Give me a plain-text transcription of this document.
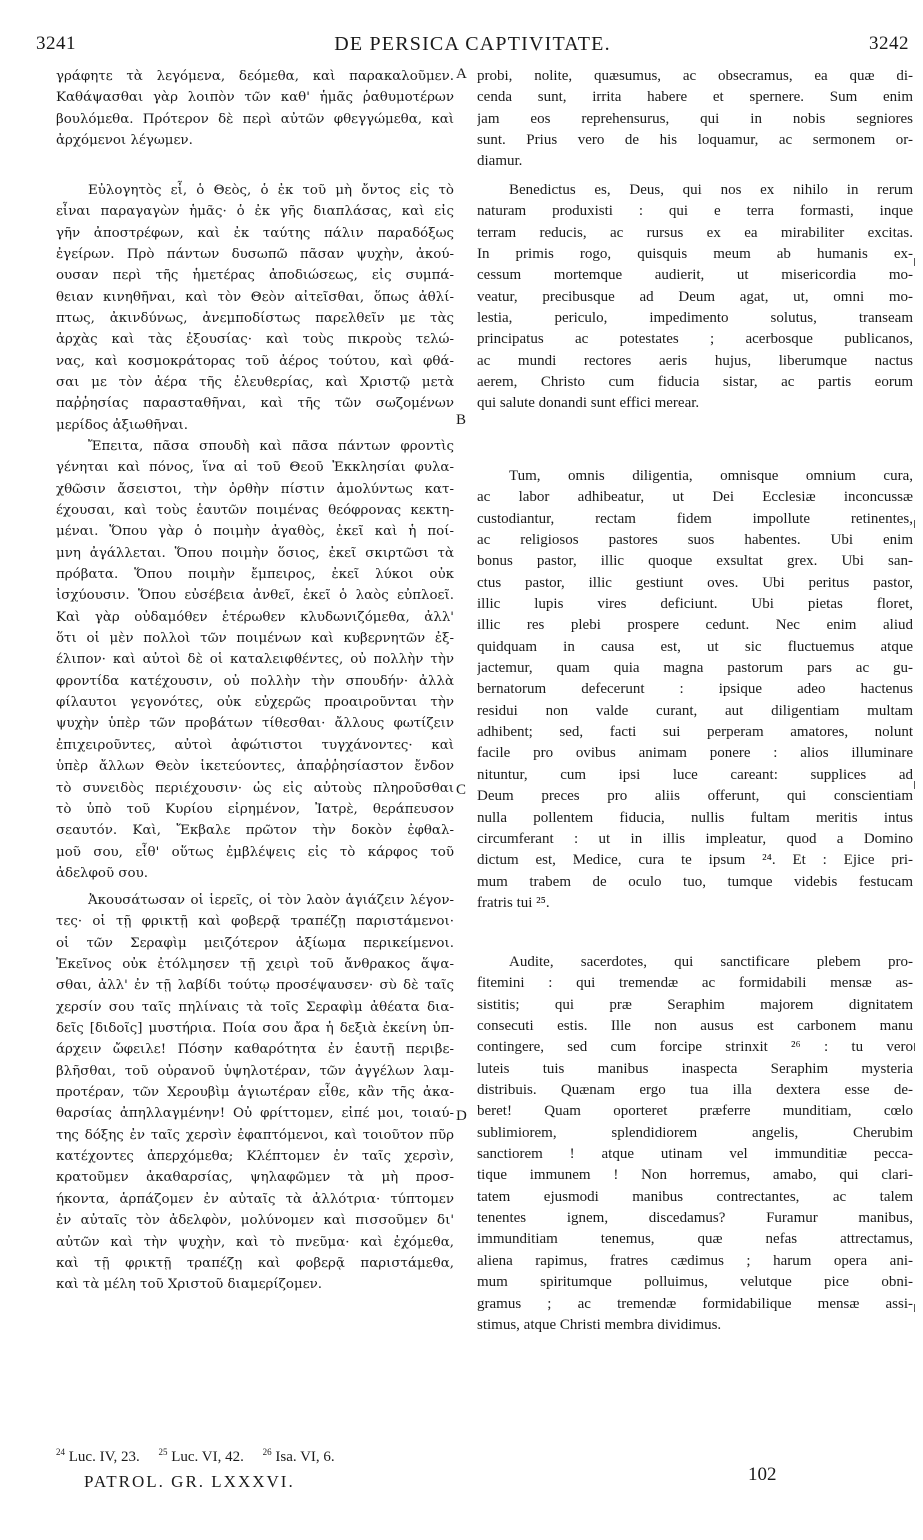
3241	DE PERSICA CAPTIVITATE.	3242
γράφητε τὰ λεγόμενα, δεόμεθα, καὶ παρακαλοῦμεν.
Καθάψασθαι γὰρ λοιπὸν τῶν καθ' ἡμᾶς ῥαθυμοτέρων
βουλόμεθα. Πρότερον δὲ περὶ αὐτῶν φθεγγώμεθα, καὶ
ἀρχόμενοι λέγωμεν.
Εὐλογητὸς εἶ, ὁ Θεὸς, ὁ ἐκ τοῦ μὴ ὄντος εἰς τὸ
εἶναι παραγαγὼν ἡμᾶς· ὁ ἐκ γῆς διαπλάσας, καὶ εἰς
γῆν ἀποστρέφων, καὶ ἐκ ταύτης πάλιν παραδόξως
ἐγείρων. Πρὸ πάντων δυσωπῶ πᾶσαν ψυχὴν, ἀκού-
ουσαν περὶ τῆς ἡμετέρας ἀποδιώσεως, εἰς συμπά-
θειαν κινηθῆναι, καὶ τὸν Θεὸν αἰτεῖσθαι, ὅπως ἀθλί-
πτως, ἀκινδύνως, ἀνεμποδίστως παρελθεῖν με τὰς
ἀρχὰς καὶ τὰς ἐξουσίας· καὶ τοὺς πικροὺς τελώ-
νας, καὶ κοσμοκράτορας τοῦ ἀέρος τούτου, καὶ φθά-
σαι με τὸν ἀέρα τῆς ἐλευθερίας, καὶ Χριστῷ μετὰ
παῤῥησίας παρασταθῆναι, καὶ τῆς τῶν σωζομένων
μερίδος ἀξιωθῆναι.
Ἔπειτα, πᾶσα σπουδὴ καὶ πᾶσα πάντων φροντὶς
γένηται καὶ πόνος, ἵνα αἱ τοῦ Θεοῦ Ἐκκλησίαι φυλα-
χθῶσιν ἄσειστοι, τὴν ὀρθὴν πίστιν ἀμολύντως κατ-
έχουσαι, καὶ τοὺς ἑαυτῶν ποιμένας θεόφρονας κεκτη-
μέναι. Ὅπου γὰρ ὁ ποιμὴν ἀγαθὸς, ἐκεῖ καὶ ἡ ποί-
μνη ἀγάλλεται. Ὅπου ποιμὴν ὅσιος, ἐκεῖ σκιρτῶσι τὰ
πρόβατα. Ὅπου ποιμὴν ἔμπειρος, ἐκεῖ λύκοι οὐκ
ἰσχύουσιν. Ὅπου εὐσέβεια ἀνθεῖ, ἐκεῖ ὁ λαὸς εὐπλοεῖ.
Καὶ γὰρ οὐδαμόθεν ἑτέρωθεν κλυδωνιζόμεθα, ἀλλ'
ὅτι οἱ μὲν πολλοὶ τῶν ποιμένων καὶ κυβερνητῶν ἐξ-
έλιπον· καὶ αὐτοὶ δὲ οἱ καταλειφθέντες, οὐ πολλὴν τὴν
φροντίδα κατέχουσιν, οὐ πολλὴν τὴν σπουδήν· ἀλλὰ
φίλαυτοι γεγονότες, οὐκ εὐχερῶς προαιροῦνται τὴν
ψυχὴν ὑπὲρ τῶν προβάτων τίθεσθαι· ἄλλους φωτίζειν
ἐπιχειροῦντες, αὐτοὶ ἀφώτιστοι τυγχάνοντες· καὶ
ὑπὲρ ἄλλων Θεὸν ἱκετεύοντες, ἀπαῤῥησίαστον ἔνδον
τὸ συνειδὸς περιέχουσιν· ὡς εἰς αὐτοὺς πληροῦσθαι
τὸ ὑπὸ τοῦ Κυρίου εἰρημένον, Ἰατρὲ, θεράπευσον
σεαυτόν. Καὶ, Ἔκβαλε πρῶτον τὴν δοκὸν ἐφθαλ-
μοῦ σου, εἶθ' οὕτως ἐμβλέψεις εἰς τὸ κάρφος τοῦ
ἀδελφοῦ σου.
Ἀκουσάτωσαν οἱ ἱερεῖς, οἱ τὸν λαὸν ἁγιάζειν λέγον-
τες· οἱ τῇ φρικτῇ καὶ φοβερᾷ τραπέζῃ παριστάμενοι·
οἱ τῶν Σεραφὶμ μειζότερον ἀξίωμα περικείμενοι.
Ἐκεῖνος οὐκ ἐτόλμησεν τῇ χειρὶ τοῦ ἄνθρακος ἅψα-
σθαι, ἀλλ' ἐν τῇ λαβίδι τούτῳ προσέψαυσεν· σὺ δὲ ταῖς
χερσίν σου ταῖς πηλίναις τὰ τοῖς Σεραφὶμ ἀθέατα δια-
δεῖς [διδοῖς] μυστήρια. Ποία σου ἄρα ἡ δεξιὰ ἐκείνη ὑπ-
άρχειν ὤφειλε! Πόσην καθαρότητα ἐν ἑαυτῇ περιβε-
βλῆσθαι, τοῦ οὐρανοῦ ὑψηλοτέραν, τῶν ἀγγέλων λαμ-
προτέραν, τῶν Χερουβὶμ ἁγιωτέραν εἶθε, κἂν τῆς ἀκα-
θαρσίας ἀπηλλαγμένην! Οὐ φρίττομεν, εἰπέ μοι, τοιαύ-
της δόξης ἐν ταῖς χερσὶν ἐφαπτόμενοι, καὶ τοιοῦτον πῦρ
κατέχοντες ἀπερχόμεθα; Κλέπτομεν ἐν ταῖς χερσὶν,
κρατοῦμεν ἀκαθαρσίας, ψηλαφῶμεν τὰ μὴ προσ-
ήκοντα, ἁρπάζομεν ἐν αὐταῖς τὰ ἀλλότρια· τύπτομεν
ἐν αὐταῖς τὸν ἀδελφὸν, μολύνομεν καὶ πισσοῦμεν δι'
αὐτῶν καὶ τὴν ψυχὴν, καὶ τὸ πνεῦμα· καὶ ἐχόμεθα,
καὶ τῇ φρικτῇ τραπέζῃ καὶ φοβερᾷ παριστάμεθα,
καὶ τὰ μέλη τοῦ Χριστοῦ διαμερίζομεν.
A
B
C
D
probi, nolite, quæsumus, ac obsecramus, ea quæ di-
cenda sunt, irrita habere et spernere. Sum enim
jam eos reprehensurus, qui in nobis segniores
sunt. Prius vero de his loquamur, ac sermonem or-
diamur.
Benedictus es, Deus, qui nos ex nihilo in rerum
naturam produxisti : qui e terra formasti, inque
terram reducis, ac rursus ex ea mirabiliter excitas.
In primis rogo, quisquis meum ab humanis ex-
cessum mortemque audierit, ut misericordia mo-
veatur, precibusque ad Deum agat, ut, omni mo-
lestia, periculo, impedimento solutus, transeam
principatus ac potestates ; acerbosque publicanos,
ac mundi rectores aeris hujus, liberumque nactus
aerem, Christo cum fiducia sistar, ac partis eorum
qui salute donandi sunt effici merear.
Tum, omnis diligentia, omnisque omnium cura,
ac labor adhibeatur, ut Dei Ecclesiæ inconcussæ
custodiantur, rectam fidem impollute retinentes,
ac religiosos pastores suos habentes. Ubi enim
bonus pastor, illic quoque exsultat grex. Ubi san-
ctus pastor, illic gestiunt oves. Ubi peritus pastor,
illic lupis vires deficiunt. Ubi pietas floret,
illic res plebi prospere cedunt. Nec enim aliud
quidquam in causa est, ut sic fluctuemus atque
jactemur, quam quia magna pastorum pars ac gu-
bernatorum defecerunt : ipsique adeo hactenus
residui non valde curant, aut diligentiam multam
adhibent; sed, facti sui perperam amatores, nolunt
facile pro ovibus animam ponere : alios illuminare
nituntur, cum ipsi luce careant: supplices ad
Deum preces pro aliis offerunt, qui conscientiam
nulla pollentem fiducia, nullis fultam meritis intus
circumferant : ut in illis impleatur, quod a Domino
dictum est, Medice, cura te ipsum ²⁴. Et : Ejice pri-
mum trabem de oculo tuo, tumque videbis festucam
fratris tui ²⁵.
Audite, sacerdotes, qui sanctificare plebem pro-
fitemini : qui tremendæ ac formidabili mensæ as-
sistitis; qui præ Seraphim majorem dignitatem
consecuti estis. Ille non ausus est carbonem manu
contingere, sed cum forcipe strinxit ²⁶ : tu vero
luteis tuis manibus inaspecta Seraphim mysteria
distribuis. Quænam ergo tua illa dextera esse de-
beret! Quam oporteret præferre munditiam, cœlo
sublimiorem, splendidiorem angelis, Cherubim
sanctiorem ! atque utinam vel immunditiæ pecca-
tique immunem ! Non horremus, amabo, qui clari-
tatem ejusmodi manibus contrectantes, ac talem
tenentes ignem, discedamus? Furamur manibus,
immunditiam tenemus, quæ nefas attrectamus,
aliena rapimus, fratres cædimus ; harum opera ani-
mum spiritumque polluimus, velutque pice obni-
gramus ; ac tremendæ formidabilique mensæ assi-
stimus, atque Christi membra dividimus.
$^{24}$ Luc. IV, 23. $^{25}$ Luc. VI, 42. $^{26}$ Isa. VI, 6.
PATROL. GR. LXXXVI.	102
